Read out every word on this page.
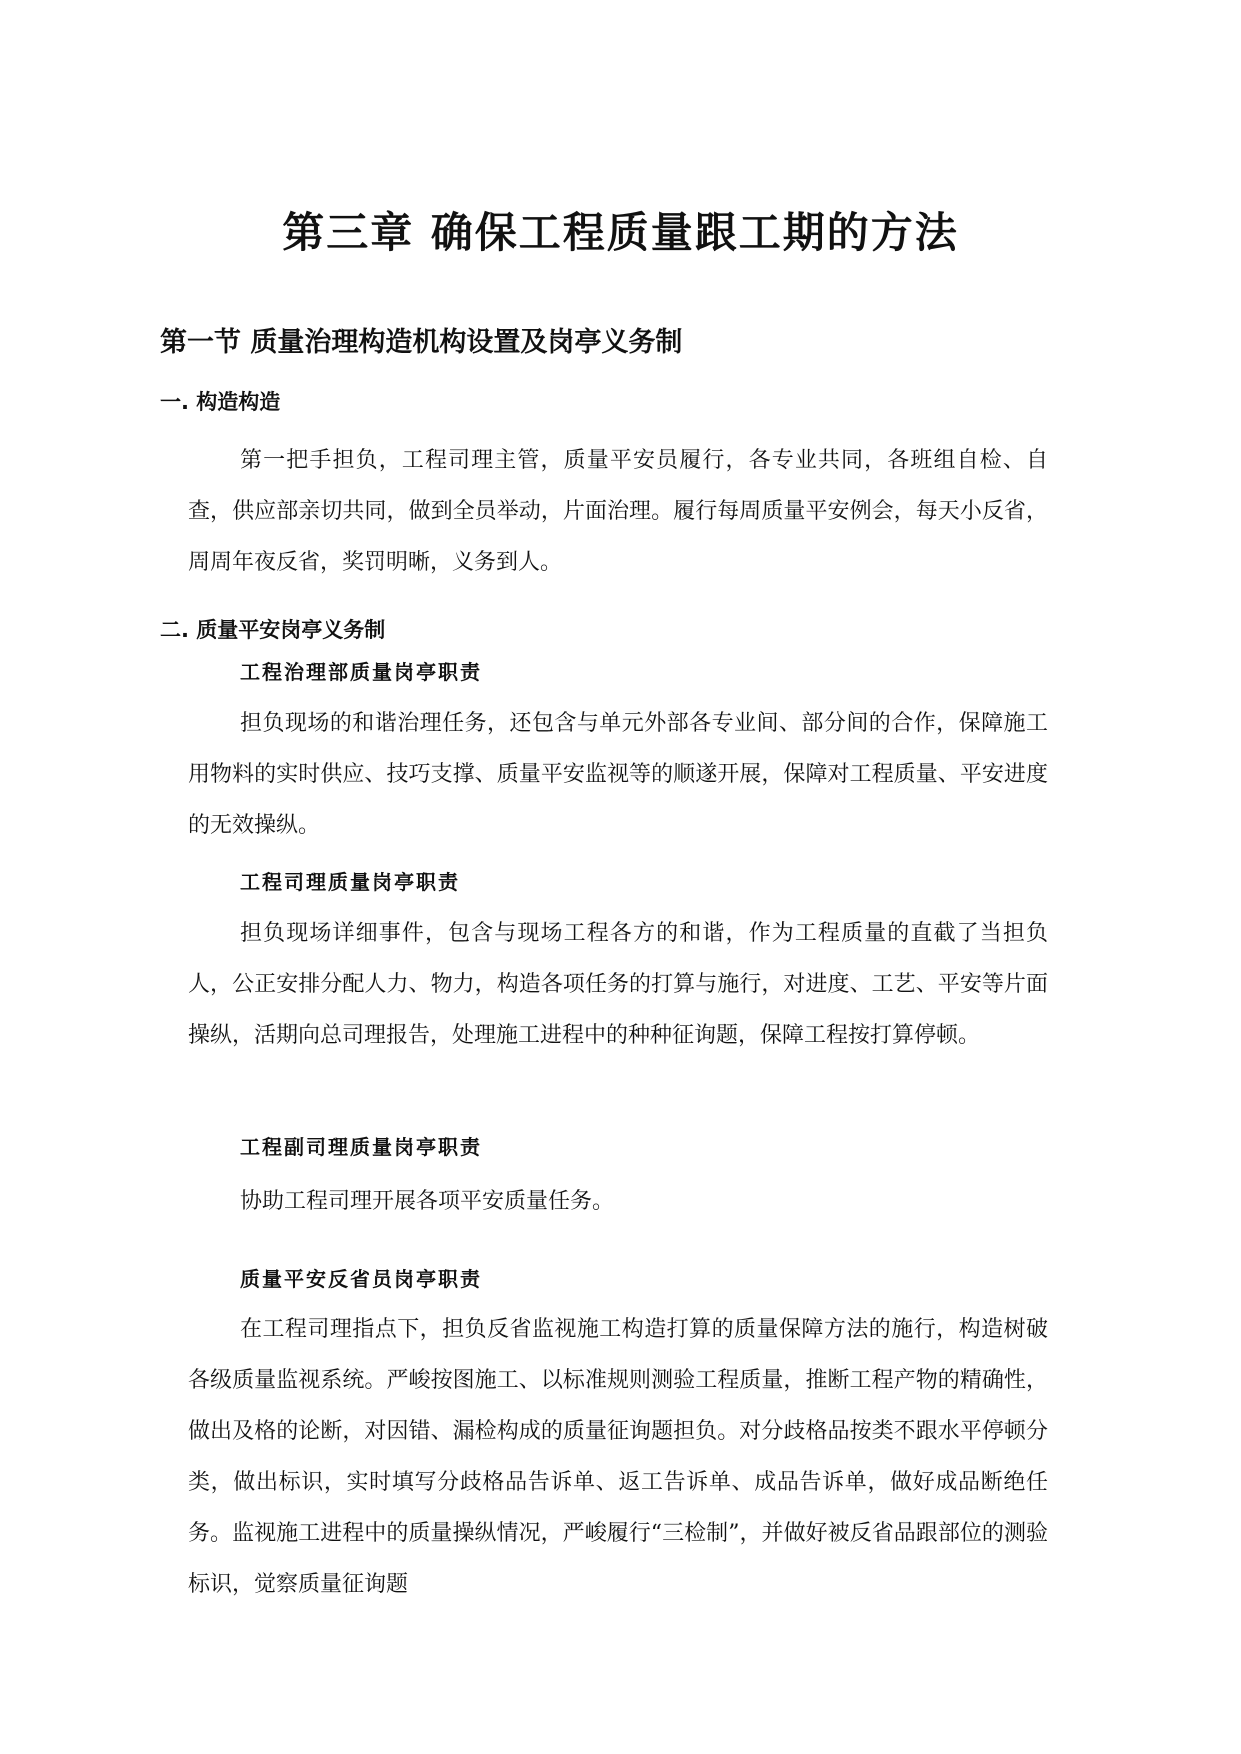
第三章 确保工程质量跟工期的方法
第一节 质量治理构造机构设置及岗亭义务制
一. 构造构造

第一把手担负，工程司理主管，质量平安员履行，各专业共同，各班组自检、自查，供应部亲切共同，做到全员举动，片面治理。履行每周质量平安例会，每天小反省，周周年夜反省，奖罚明晰，义务到人。

二. 质量平安岗亭义务制
工程治理部质量岗亭职责

担负现场的和谐治理任务，还包含与单元外部各专业间、部分间的合作，保障施工用物料的实时供应、技巧支撑、质量平安监视等的顺遂开展，保障对工程质量、平安进度的无效操纵。

工程司理质量岗亭职责

担负现场详细事件，包含与现场工程各方的和谐，作为工程质量的直截了当担负人，公正安排分配人力、物力，构造各项任务的打算与施行，对进度、工艺、平安等片面操纵，活期向总司理报告，处理施工进程中的种种征询题，保障工程按打算停顿。

工程副司理质量岗亭职责

协助工程司理开展各项平安质量任务。

质量平安反省员岗亭职责

在工程司理指点下，担负反省监视施工构造打算的质量保障方法的施行，构造树破各级质量监视系统。严峻按图施工、以标准规则测验工程质量，推断工程产物的精确性，做出及格的论断，对因错、漏检构成的质量征询题担负。对分歧格品按类不跟水平停顿分类，做出标识，实时填写分歧格品告诉单、返工告诉单、成品告诉单，做好成品断绝任务。监视施工进程中的质量操纵情况，严峻履行“三检制”，并做好被反省品跟部位的测验标识，觉察质量征询题
